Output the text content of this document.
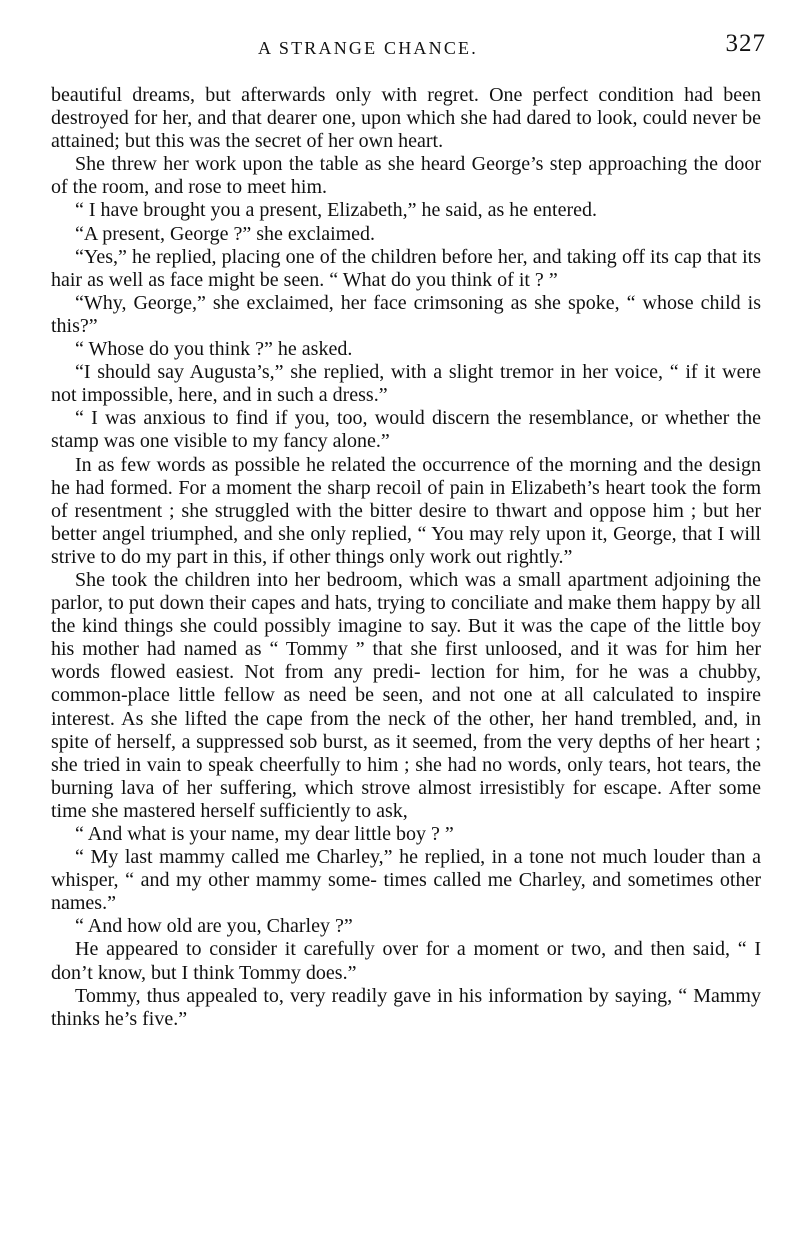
A STRANGE CHANCE.	327

beautiful dreams, but afterwards only with regret. One perfect condition had been destroyed for her, and that dearer one, upon which she had dared to look, could never be attained; but this was the secret of her own heart.

She threw her work upon the table as she heard George’s step approaching the door of the room, and rose to meet him.

“ I have brought you a present, Elizabeth,” he said, as he entered.

“A present, George ?” she exclaimed.

“Yes,” he replied, placing one of the children before her, and taking off its cap that its hair as well as face might be seen. “ What do you think of it ? ”

“Why, George,” she exclaimed, her face crimsoning as she spoke, “ whose child is this?”

“ Whose do you think ?” he asked.

“I should say Augusta’s,” she replied, with a slight tremor in her voice, “ if it were not impossible, here, and in such a dress.”

“ I was anxious to find if you, too, would discern the resemblance, or whether the stamp was one visible to my fancy alone.”

In as few words as possible he related the occurrence of the morning and the design he had formed. For a moment the sharp recoil of pain in Elizabeth’s heart took the form of resentment ; she struggled with the bitter desire to thwart and oppose him ; but her better angel triumphed, and she only replied, “ You may rely upon it, George, that I will strive to do my part in this, if other things only work out rightly.”

She took the children into her bedroom, which was a small apartment adjoining the parlor, to put down their capes and hats, trying to conciliate and make them happy by all the kind things she could possibly imagine to say. But it was the cape of the little boy his mother had named as “ Tommy ” that she first unloosed, and it was for him her words flowed easiest. Not from any predi- lection for him, for he was a chubby, common-place little fellow as need be seen, and not one at all calculated to inspire interest. As she lifted the cape from the neck of the other, her hand trembled, and, in spite of herself, a suppressed sob burst, as it seemed, from the very depths of her heart ; she tried in vain to speak cheerfully to him ; she had no words, only tears, hot tears, the burning lava of her suffering, which strove almost irresistibly for escape. After some time she mastered herself sufficiently to ask,

“ And what is your name, my dear little boy ? ”

“ My last mammy called me Charley,” he replied, in a tone not much louder than a whisper, “ and my other mammy some- times called me Charley, and sometimes other names.”

“ And how old are you, Charley ?”

He appeared to consider it carefully over for a moment or two, and then said, “ I don’t know, but I think Tommy does.”

Tommy, thus appealed to, very readily gave in his information by saying, “ Mammy thinks he’s five.”
